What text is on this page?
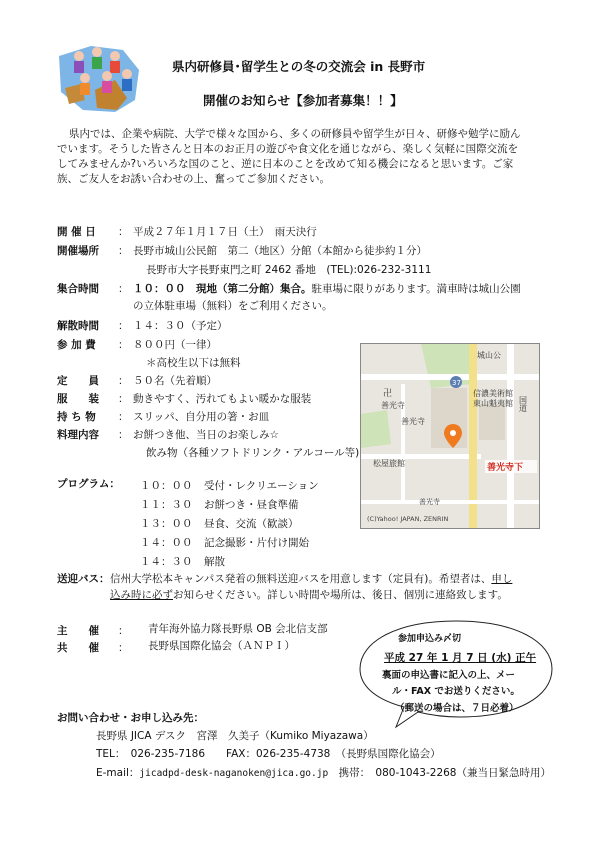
県内研修員･留学生との冬の交流会 in 長野市
開催のお知らせ【参加者募集！！】

県内では、企業や病院、大学で様々な国から、多くの研修員や留学生が日々、研修や勉学に励ん

でいます。そうした皆さんと日本のお正月の遊びや食文化を通じながら、楽しく気軽に国際交流を

してみませんか?いろいろな国のこと、逆に日本のことを改めて知る機会になると思います。ご家

族、ご友人をお誘い合わせの上、奮ってご参加ください。

開 催 日 ： 平成２７年１月１７日（土）　雨天決行
開催場所 ： 長野市城山公民館　第二（地区）分館（本館から徒歩約１分）
長野市大字長野東門之町 2462 番地　(TEL):026-232-3111
集合時間 ： １０：００　現地（第二分館）集合。駐車場に限りがあります。満車時は城山公園
の立体駐車場（無料）をご利用ください。
解散時間 ： １４：３０（予定）
参 加 費 ： ８００円（一律）
＊高校生以下は無料
定　　員 ： ５０名（先着順）
服　　装 ： 動きやすく、汚れてもよい暖かな服装
持 ち 物 ： スリッパ、自分用の箸・お皿
料理内容 ： お餅つき他、当日のお楽しみ☆
飲み物（各種ソフトドリンク・アルコール等)
37
城山公
信濃美術館
東山魁夷館
卍
善光寺
善光寺
国道
松屋旅館
善光寺
善光寺下
(C)Yahoo! JAPAN, ZENRIN
プログラム： １０：００ 受付・レクリエーション
１１：３０ お餅つき・昼食準備
１３：００ 昼食、交流（歓談）
１４：００ 記念撮影・片付け開始
１４：３０ 解散
送迎バス： 信州大学松本キャンパス発着の無料送迎バスを用意します（定員有)。希望者は、申し
込み時に必ずお知らせください。詳しい時間や場所は、後日、個別に連絡致します。
主　　催 ： 青年海外協力隊長野県 OB 会北信支部
共　　催 ： 長野県国際化協会（ＡＮＰＩ）
参加申込み〆切
平成 27 年 1 月 7 日 (水) 正午
裏面の申込書に記入の上、メー
ル・FAX でお送りください。
（郵送の場合は、７日必着）
お問い合わせ・お申し込み先：
長野県 JICA デスク　宮澤　久美子（Kumiko Miyazawa）
TEL：　026-235-7186　　FAX：026-235-4738　（長野県国際化協会）
E-mail：jicadpd-desk-naganoken@jica.go.jp　 携帯：　080-1043-2268（兼当日緊急時用）
